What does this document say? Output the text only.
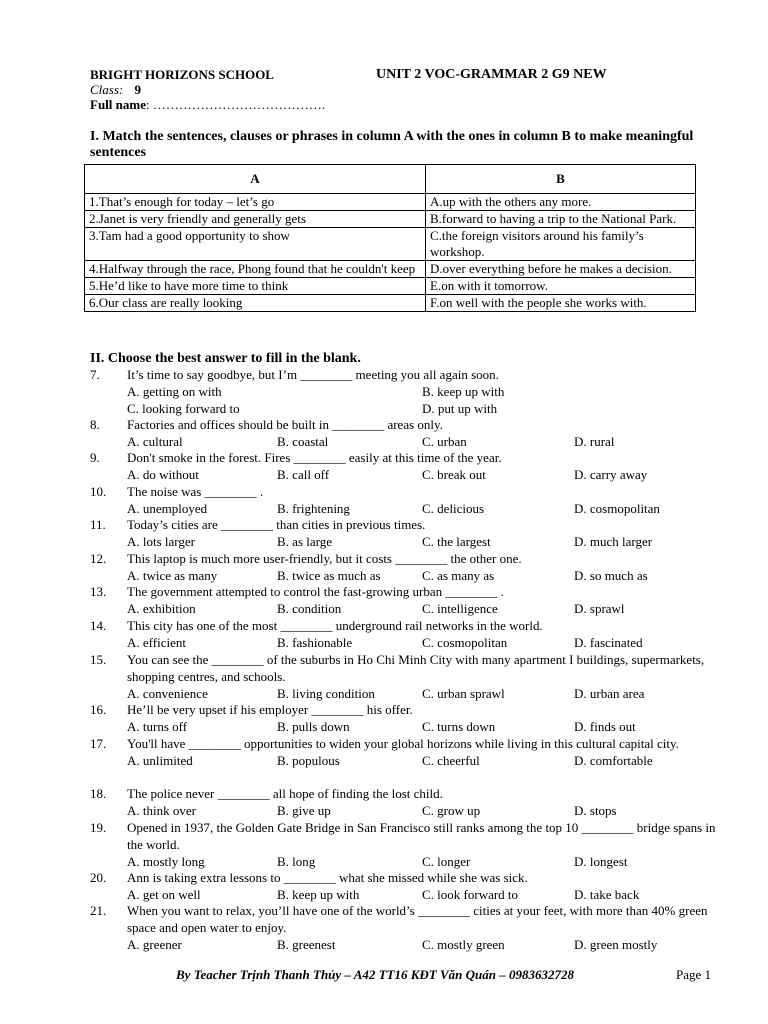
BRIGHT HORIZONS SCHOOL	UNIT 2 VOC-GRAMMAR 2 G9 NEW
Class: 9
Full name: ………………………………….
I. Match the sentences, clauses or phrases in column A with the ones in column B to make meaningful sentences
A	B
1.That’s enough for today – let’s go	A.up with the others any more.
2.Janet is very friendly and generally gets	B.forward to having a trip to the National Park.
3.Tam had a good opportunity to show	C.the foreign visitors around his family’s workshop.
4.Halfway through the race, Phong found that he couldn't keep	D.over everything before he makes a decision.
5.He’d like to have more time to think	E.on with it tomorrow.
6.Our class are really looking	F.on well with the people she works with.
II. Choose the best answer to fill in the blank.
7.	It’s time to say goodbye, but I’m ________ meeting you all again soon.
A. getting on with	B. keep up with
C. looking forward to	D. put up with
8.	Factories and offices should be built in ________ areas only.
A. cultural	B. coastal	C. urban	D. rural
9.	Don't smoke in the forest. Fires ________ easily at this time of the year.
A. do without	B. call off	C. break out	D. carry away
10.	The noise was ________ .
A. unemployed	B. frightening	C. delicious	D. cosmopolitan
11.	Today’s cities are ________ than cities in previous times.
A. lots larger	B. as large	C. the largest	D. much larger
12.	This laptop is much more user-friendly, but it costs ________ the other one.
A. twice as many	B. twice as much as	C. as many as	D. so much as
13.	The government attempted to control the fast-growing urban ________ .
A. exhibition	B. condition	C. intelligence	D. sprawl
14.	This city has one of the most ________ underground rail networks in the world.
A. efficient	B. fashionable	C. cosmopolitan	D. fascinated
15.	You can see the ________ of the suburbs in Ho Chi Minh City with many apartment I buildings, supermarkets, shopping centres, and schools.
A. convenience	B. living condition	C. urban sprawl	D. urban area
16.	He’ll be very upset if his employer ________ his offer.
A. turns off	B. pulls down	C. turns down	D. finds out
17.	You'll have ________ opportunities to widen your global horizons while living in this cultural capital city.
A. unlimited	B. populous	C. cheerful	D. comfortable
18.	The police never ________ all hope of finding the lost child.
A. think over	B. give up	C. grow up	D. stops
19.	Opened in 1937, the Golden Gate Bridge in San Francisco still ranks among the top 10 ________ bridge spans in the world.
A. mostly long	B. long	C. longer	D. longest
20.	Ann is taking extra lessons to ________ what she missed while she was sick.
A. get on well	B. keep up with	C. look forward to	D. take back
21.	When you want to relax, you’ll have one of the world’s ________ cities at your feet, with more than 40% green space and open water to enjoy.
A. greener	B. greenest	C. mostly green	D. green mostly
By Teacher Trịnh Thanh Thủy – A42 TT16 KĐT Văn Quán – 0983632728	Page 1
